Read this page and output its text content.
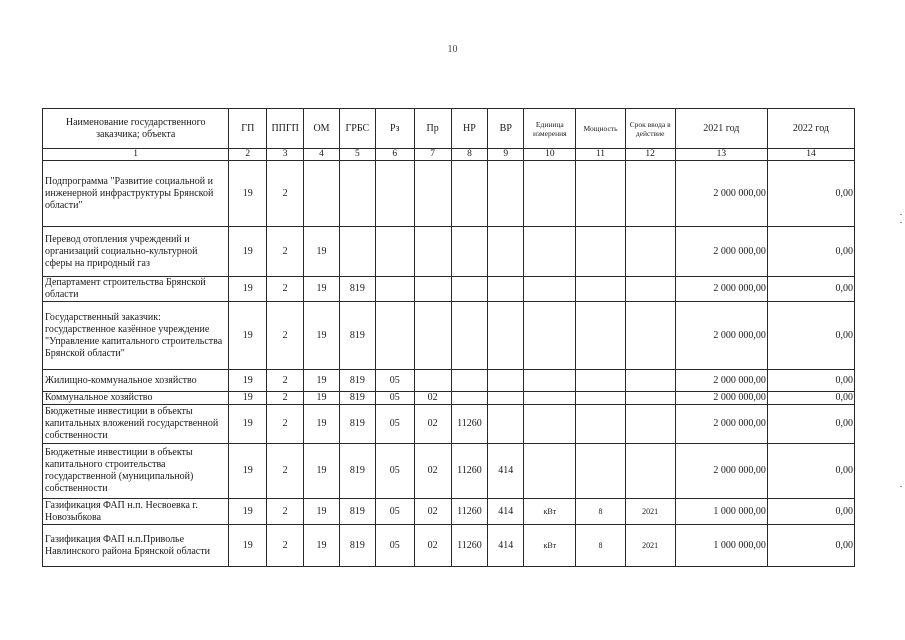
10
Наименование государственного заказчика; объекта	ГП	ППГП	ОМ	ГРБС	Рз	Пр	НР	ВР	Единица измерения	Мощность	Срок ввода в действие	2021 год	2022 год
1	2	3	4	5	6	7	8	9	10	11	12	13	14
Подпрограмма "Развитие социальной и инженерной инфраструктуры Брянской области"	19	2										2 000 000,00	0,00
Перевод отопления учреждений и организаций социально-культурной сферы на природный газ	19	2	19									2 000 000,00	0,00
Департамент строительства Брянской области	19	2	19	819								2 000 000,00	0,00
Государственный заказчик: государственное казённое учреждение "Управление капитального строительства Брянской области"	19	2	19	819								2 000 000,00	0,00
Жилищно-коммунальное хозяйство	19	2	19	819	05							2 000 000,00	0,00
Коммунальное хозяйство	19	2	19	819	05	02						2 000 000,00	0,00
Бюджетные инвестиции в объекты капитальных вложений государственной собственности	19	2	19	819	05	02	11260					2 000 000,00	0,00
Бюджетные инвестиции в объекты капитального строительства государственной (муниципальной) собственности	19	2	19	819	05	02	11260	414				2 000 000,00	0,00
Газификация ФАП н.п. Несвоевка г. Новозыбкова	19	2	19	819	05	02	11260	414	кВт	8	2021	1 000 000,00	0,00
Газификация ФАП н.п.Приволье Навлинского района Брянской области	19	2	19	819	05	02	11260	414	кВт	8	2021	1 000 000,00	0,00
